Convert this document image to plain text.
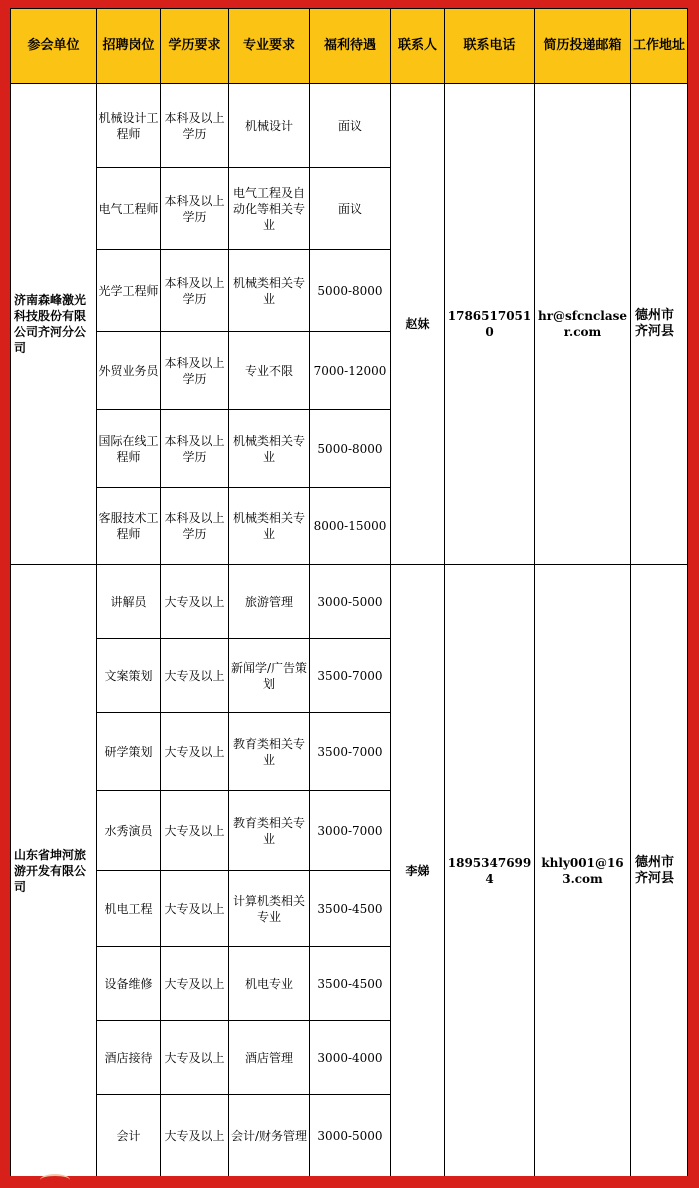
参会单位	招聘岗位	学历要求	专业要求	福利待遇	联系人	联系电话	简历投递邮箱	工作地址
济南森峰激光科技股份有限公司齐河分公司	机械设计工程师	本科及以上学历	机械设计	面议	赵妹	17865170510	hr@sfcnclaser.com	德州市齐河县
	电气工程师	本科及以上学历	电气工程及自动化等相关专业	面议				
	光学工程师	本科及以上学历	机械类相关专业	5000-8000				
	外贸业务员	本科及以上学历	专业不限	7000-12000				
	国际在线工程师	本科及以上学历	机械类相关专业	5000-8000				
	客服技术工程师	本科及以上学历	机械类相关专业	8000-15000				
山东省坤河旅游开发有限公司	讲解员	大专及以上	旅游管理	3000-5000	李娣	18953476994	khly001@163.com	德州市齐河县
	文案策划	大专及以上	新闻学/广告策划	3500-7000				
	研学策划	大专及以上	教育类相关专业	3500-7000				
	水秀演员	大专及以上	教育类相关专业	3000-7000				
	机电工程	大专及以上	计算机类相关专业	3500-4500				
	设备维修	大专及以上	机电专业	3500-4500				
	酒店接待	大专及以上	酒店管理	3000-4000				
	会计	大专及以上	会计/财务管理	3000-5000				
